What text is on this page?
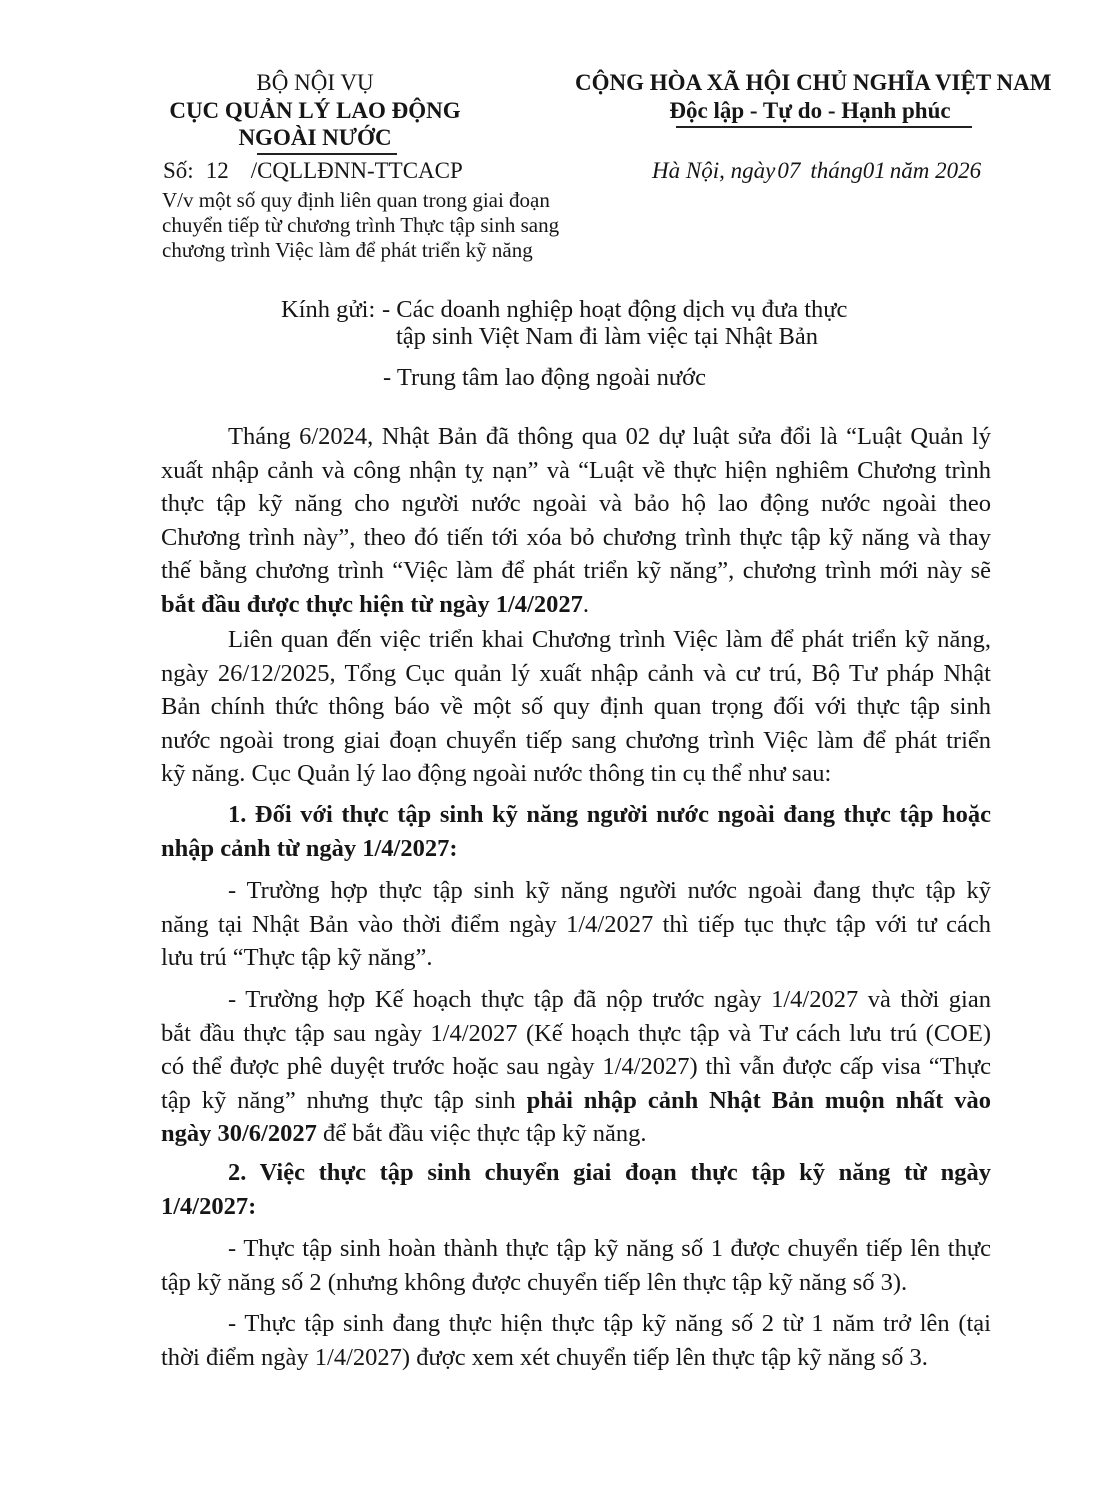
BỘ NỘI VỤ
CỤC QUẢN LÝ LAO ĐỘNG
NGOÀI NƯỚC
Số: 12 /CQLLĐNN-TTCACP
V/v một số quy định liên quan trong giai đoạn
chuyển tiếp từ chương trình Thực tập sinh sang
chương trình Việc làm để phát triển kỹ năng
CỘNG HÒA XÃ HỘI CHỦ NGHĨA VIỆT NAM
Độc lập - Tự do - Hạnh phúc
Hà Nội, ngày07 tháng01 năm 2026
Kính gửi: - Các doanh nghiệp hoạt động dịch vụ đưa thực
tập sinh Việt Nam đi làm việc tại Nhật Bản
- Trung tâm lao động ngoài nước
Tháng 6/2024, Nhật Bản đã thông qua 02 dự luật sửa đổi là “Luật Quản lý
xuất nhập cảnh và công nhận tỵ nạn” và “Luật về thực hiện nghiêm Chương trình
thực tập kỹ năng cho người nước ngoài và bảo hộ lao động nước ngoài theo
Chương trình này”, theo đó tiến tới xóa bỏ chương trình thực tập kỹ năng và thay
thế bằng chương trình “Việc làm để phát triển kỹ năng”, chương trình mới này sẽ
bắt đầu được thực hiện từ ngày 1/4/2027.
Liên quan đến việc triển khai Chương trình Việc làm để phát triển kỹ năng,
ngày 26/12/2025, Tổng Cục quản lý xuất nhập cảnh và cư trú, Bộ Tư pháp Nhật
Bản chính thức thông báo về một số quy định quan trọng đối với thực tập sinh
nước ngoài trong giai đoạn chuyển tiếp sang chương trình Việc làm để phát triển
kỹ năng. Cục Quản lý lao động ngoài nước thông tin cụ thể như sau:
1. Đối với thực tập sinh kỹ năng người nước ngoài đang thực tập hoặc
nhập cảnh từ ngày 1/4/2027:
- Trường hợp thực tập sinh kỹ năng người nước ngoài đang thực tập kỹ
năng tại Nhật Bản vào thời điểm ngày 1/4/2027 thì tiếp tục thực tập với tư cách
lưu trú “Thực tập kỹ năng”.
- Trường hợp Kế hoạch thực tập đã nộp trước ngày 1/4/2027 và thời gian
bắt đầu thực tập sau ngày 1/4/2027 (Kế hoạch thực tập và Tư cách lưu trú (COE)
có thể được phê duyệt trước hoặc sau ngày 1/4/2027) thì vẫn được cấp visa “Thực
tập kỹ năng” nhưng thực tập sinh phải nhập cảnh Nhật Bản muộn nhất vào
ngày 30/6/2027 để bắt đầu việc thực tập kỹ năng.
2. Việc thực tập sinh chuyển giai đoạn thực tập kỹ năng từ ngày
1/4/2027:
- Thực tập sinh hoàn thành thực tập kỹ năng số 1 được chuyển tiếp lên thực
tập kỹ năng số 2 (nhưng không được chuyển tiếp lên thực tập kỹ năng số 3).
- Thực tập sinh đang thực hiện thực tập kỹ năng số 2 từ 1 năm trở lên (tại
thời điểm ngày 1/4/2027) được xem xét chuyển tiếp lên thực tập kỹ năng số 3.
